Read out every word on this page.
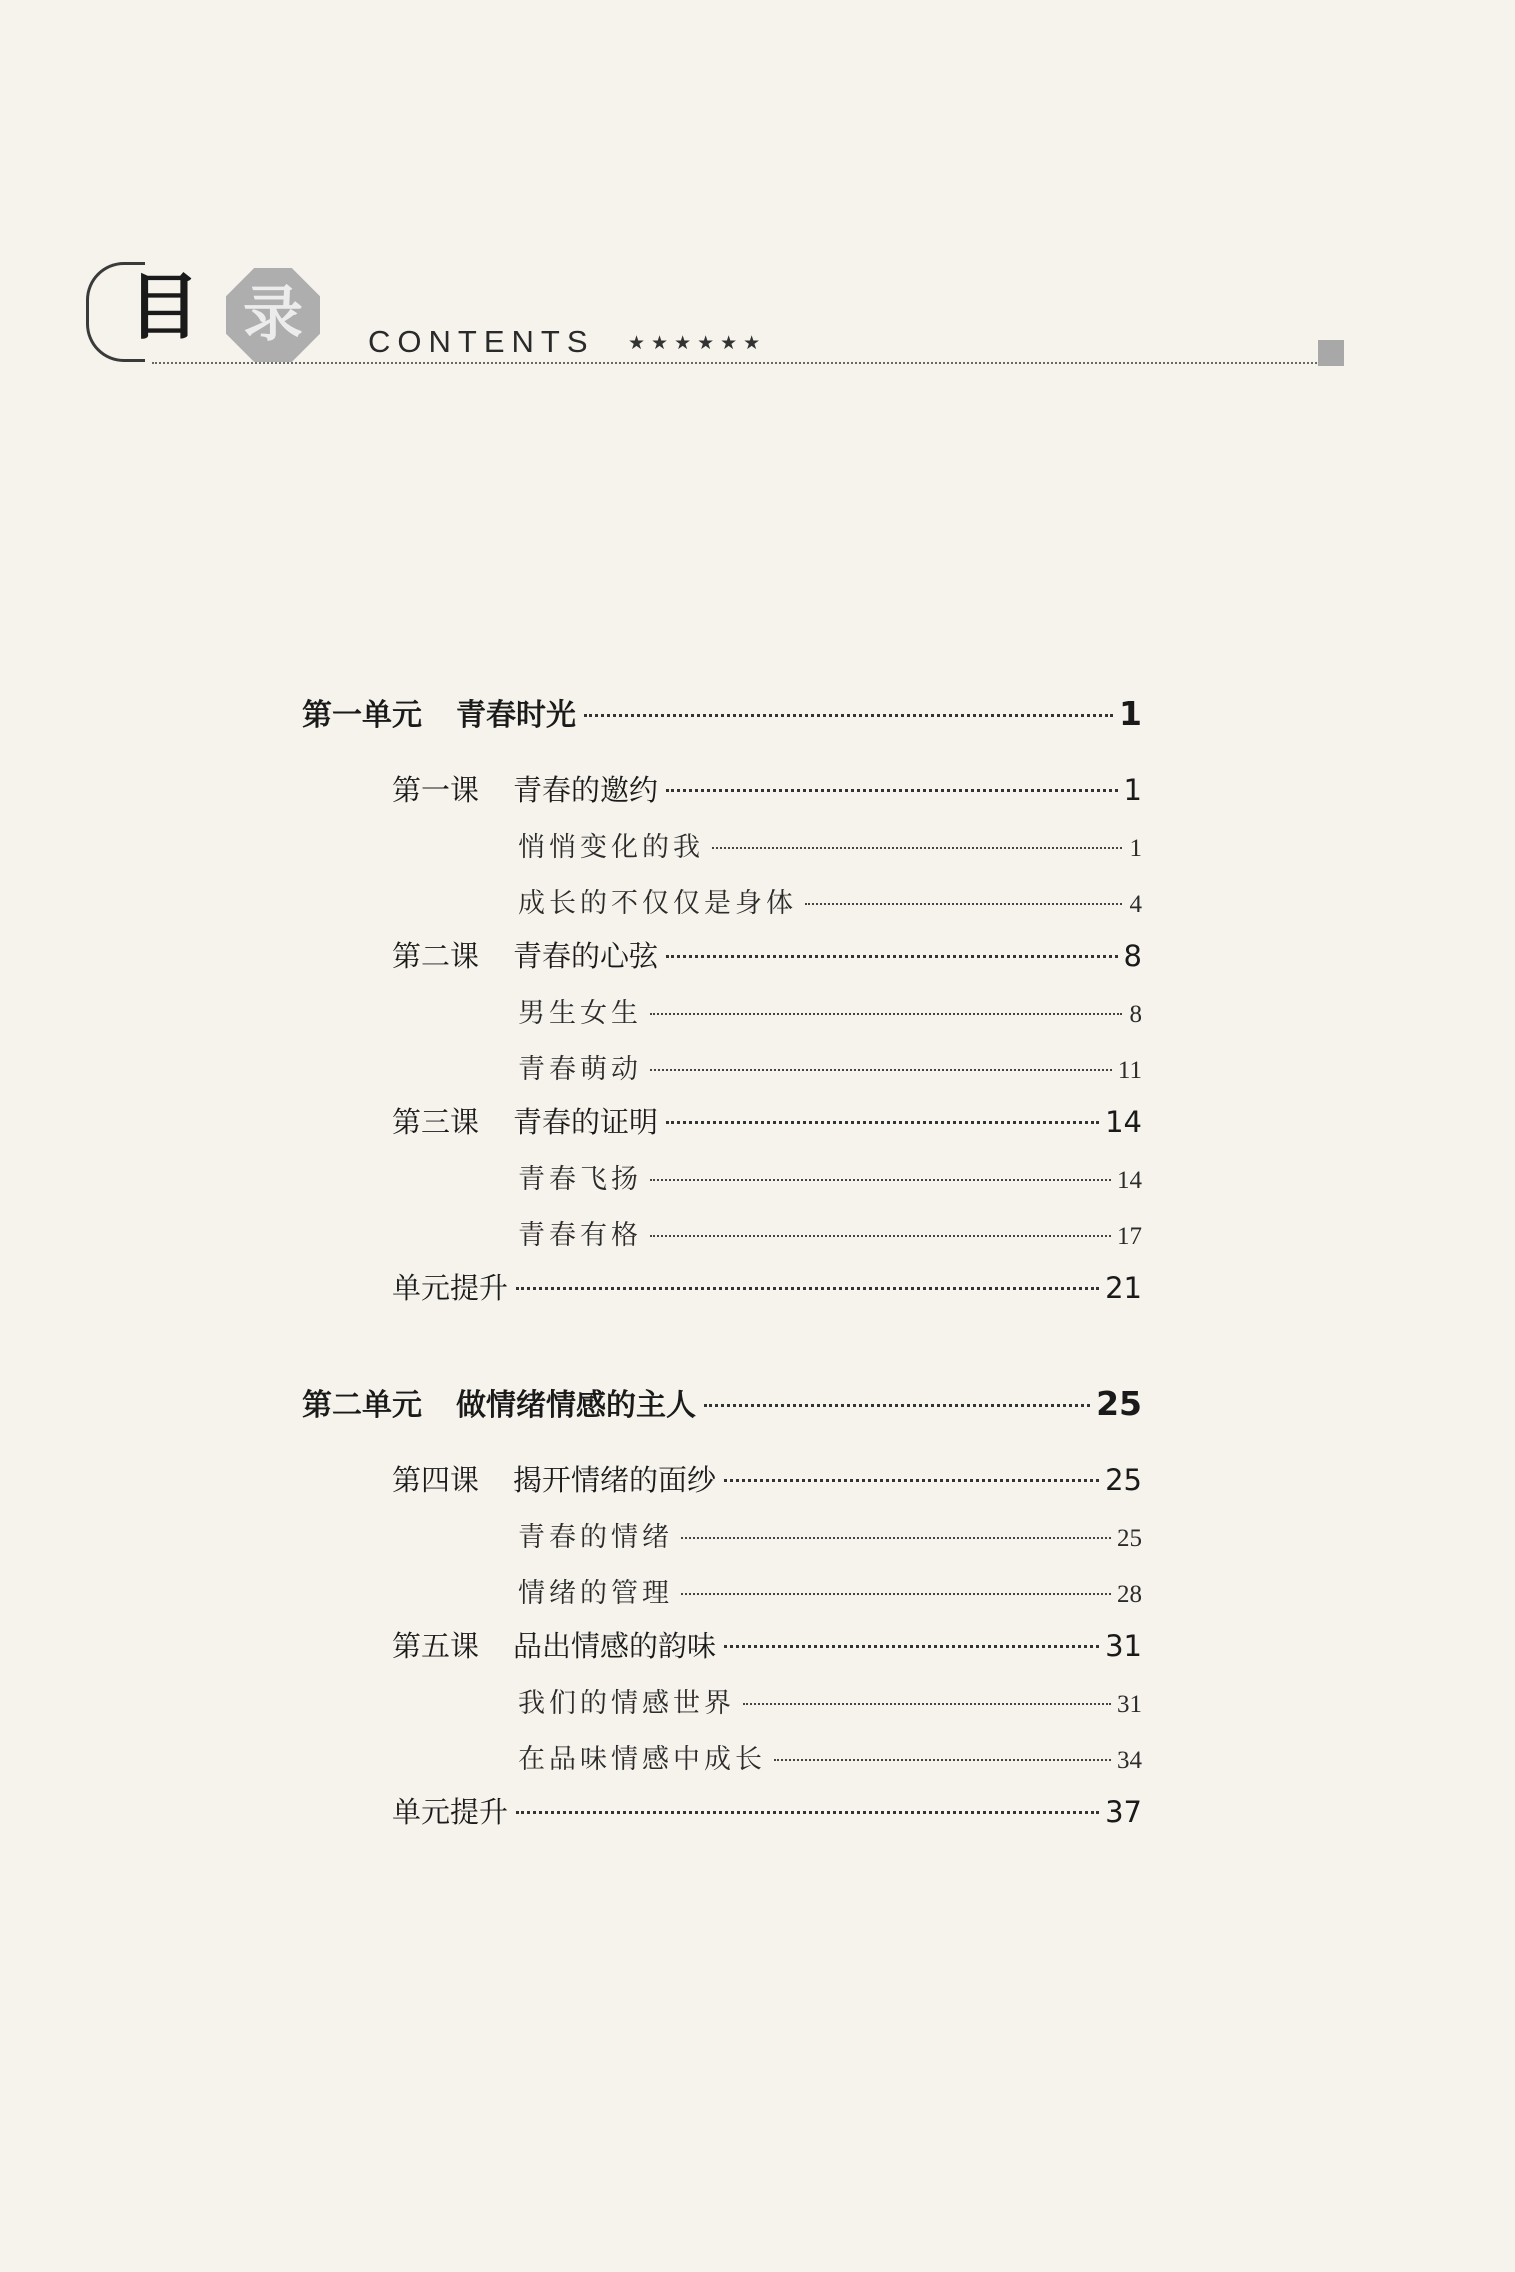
目 录	CONTENTS ★★★★★★
第一单元 青春时光	1
第一课 青春的邀约	1
悄悄变化的我	1
成长的不仅仅是身体	4
第二课 青春的心弦	8
男生女生	8
青春萌动	11
第三课 青春的证明	14
青春飞扬	14
青春有格	17
单元提升	21
第二单元 做情绪情感的主人	25
第四课 揭开情绪的面纱	25
青春的情绪	25
情绪的管理	28
第五课 品出情感的韵味	31
我们的情感世界	31
在品味情感中成长	34
单元提升	37
